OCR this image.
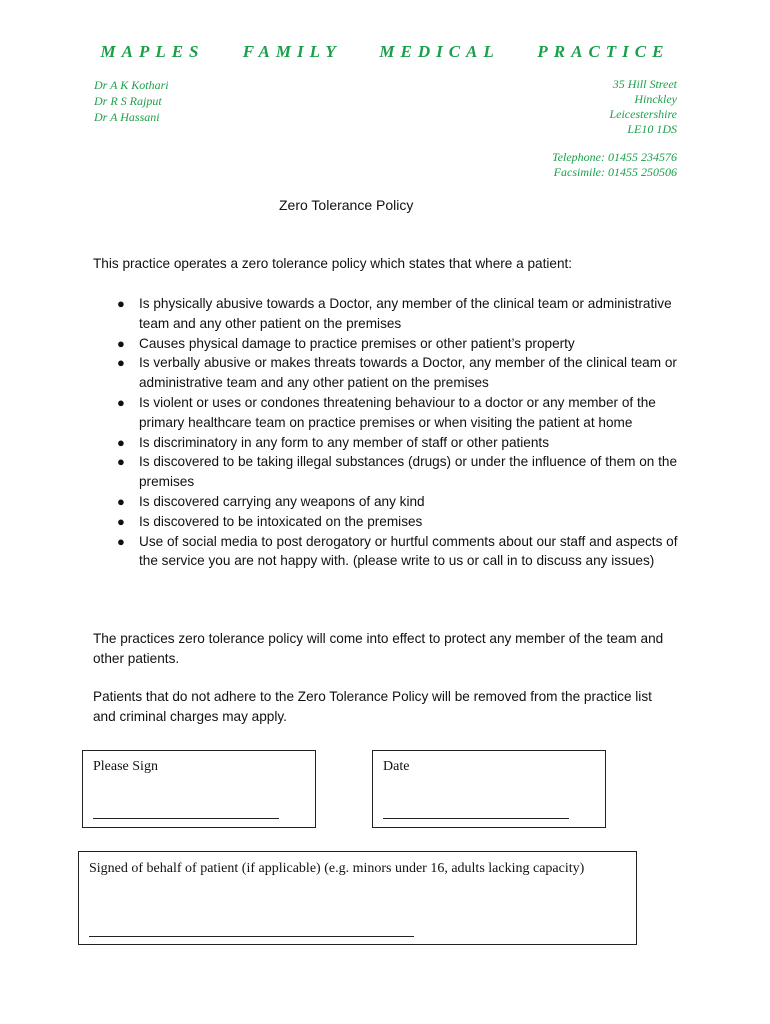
MAPLES FAMILY MEDICAL PRACTICE
Dr A K Kothari
Dr R S Rajput
Dr A Hassani
35 Hill Street
Hinckley
Leicestershire
LE10 1DS
Telephone: 01455 234576
Facsimile: 01455 250506
Zero Tolerance Policy
This practice operates a zero tolerance policy which states that where a patient:
● Is physically abusive towards a Doctor, any member of the clinical team or administrative team and any other patient on the premises
● Causes physical damage to practice premises or other patient’s property
● Is verbally abusive or makes threats towards a Doctor, any member of the clinical team or administrative team and any other patient on the premises
● Is violent or uses or condones threatening behaviour to a doctor or any member of the primary healthcare team on practice premises or when visiting the patient at home
● Is discriminatory in any form to any member of staff or other patients
● Is discovered to be taking illegal substances (drugs) or under the influence of them on the premises
● Is discovered carrying any weapons of any kind
● Is discovered to be intoxicated on the premises
● Use of social media to post derogatory or hurtful comments about our staff and aspects of the service you are not happy with. (please write to us or call in to discuss any issues)
The practices zero tolerance policy will come into effect to protect any member of the team and other patients.
Patients that do not adhere to the Zero Tolerance Policy will be removed from the practice list and criminal charges may apply.
Please Sign	Date
Signed of behalf of patient (if applicable) (e.g. minors under 16, adults lacking capacity)
